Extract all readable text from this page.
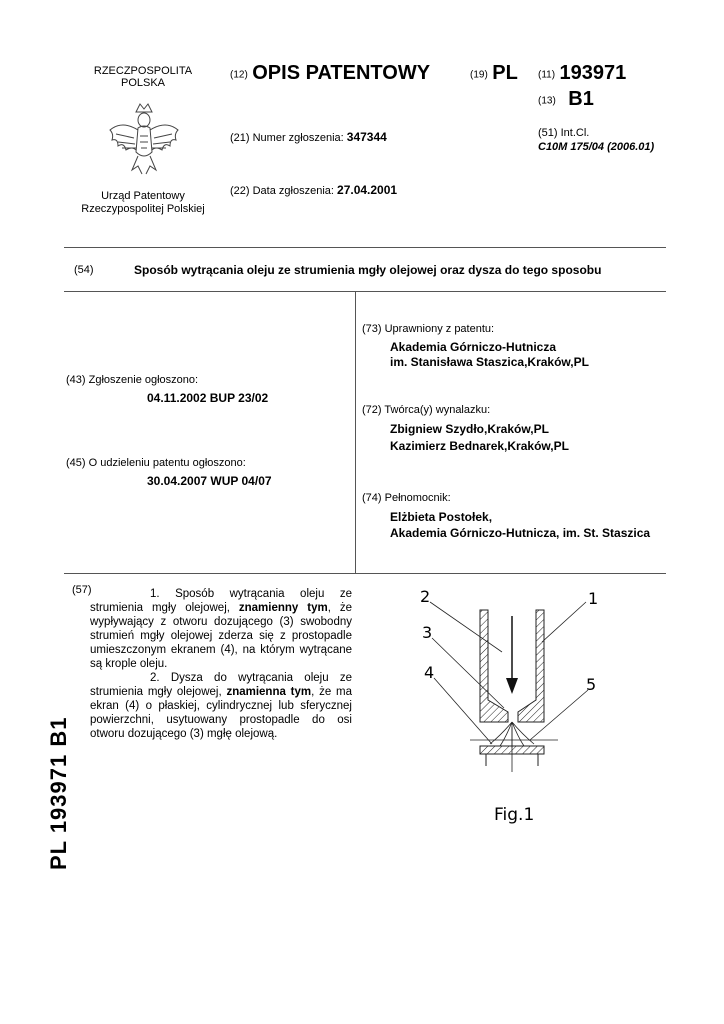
RZECZPOSPOLITA
POLSKA
Urząd Patentowy
Rzeczypospolitej Polskiej
(12) OPIS PATENTOWY	(19) PL (11) 193971
(13) B1
(21) Numer zgłoszenia: 347344	(51) Int.Cl.
C10M 175/04 (2006.01)
(22) Data zgłoszenia: 27.04.2001
(54)	Sposób wytrącania oleju ze strumienia mgły olejowej oraz dysza do tego sposobu
(43) Zgłoszenie ogłoszono:
04.11.2002 BUP 23/02
(45) O udzieleniu patentu ogłoszono:
30.04.2007 WUP 04/07
(73) Uprawniony z patentu:
Akademia Górniczo-Hutnicza
im. Stanisława Staszica,Kraków,PL
(72) Twórca(y) wynalazku:
Zbigniew Szydło,Kraków,PL
Kazimierz Bednarek,Kraków,PL
(74) Pełnomocnik:
Elżbieta Postołek,
Akademia Górniczo-Hutnicza, im. St. Staszica
(57)	1. Sposób wytrącania oleju ze strumienia mgły olejowej, znamienny tym, że wypływający z otworu dozującego (3) swobodny strumień mgły olejowej zderza się z prostopadle umieszczonym ekranem (4), na którym wytrącane są krople oleju.

2. Dysza do wytrącania oleju ze strumienia mgły olejowej, znamienna tym, że ma ekran (4) o płaskiej, cylindrycznej lub sferycznej powierzchni, usytuowany prostopadle do osi otworu dozującego (3) mgłę olejową.

2	1
3
4
5
Fig.1
PL 193971 B1
